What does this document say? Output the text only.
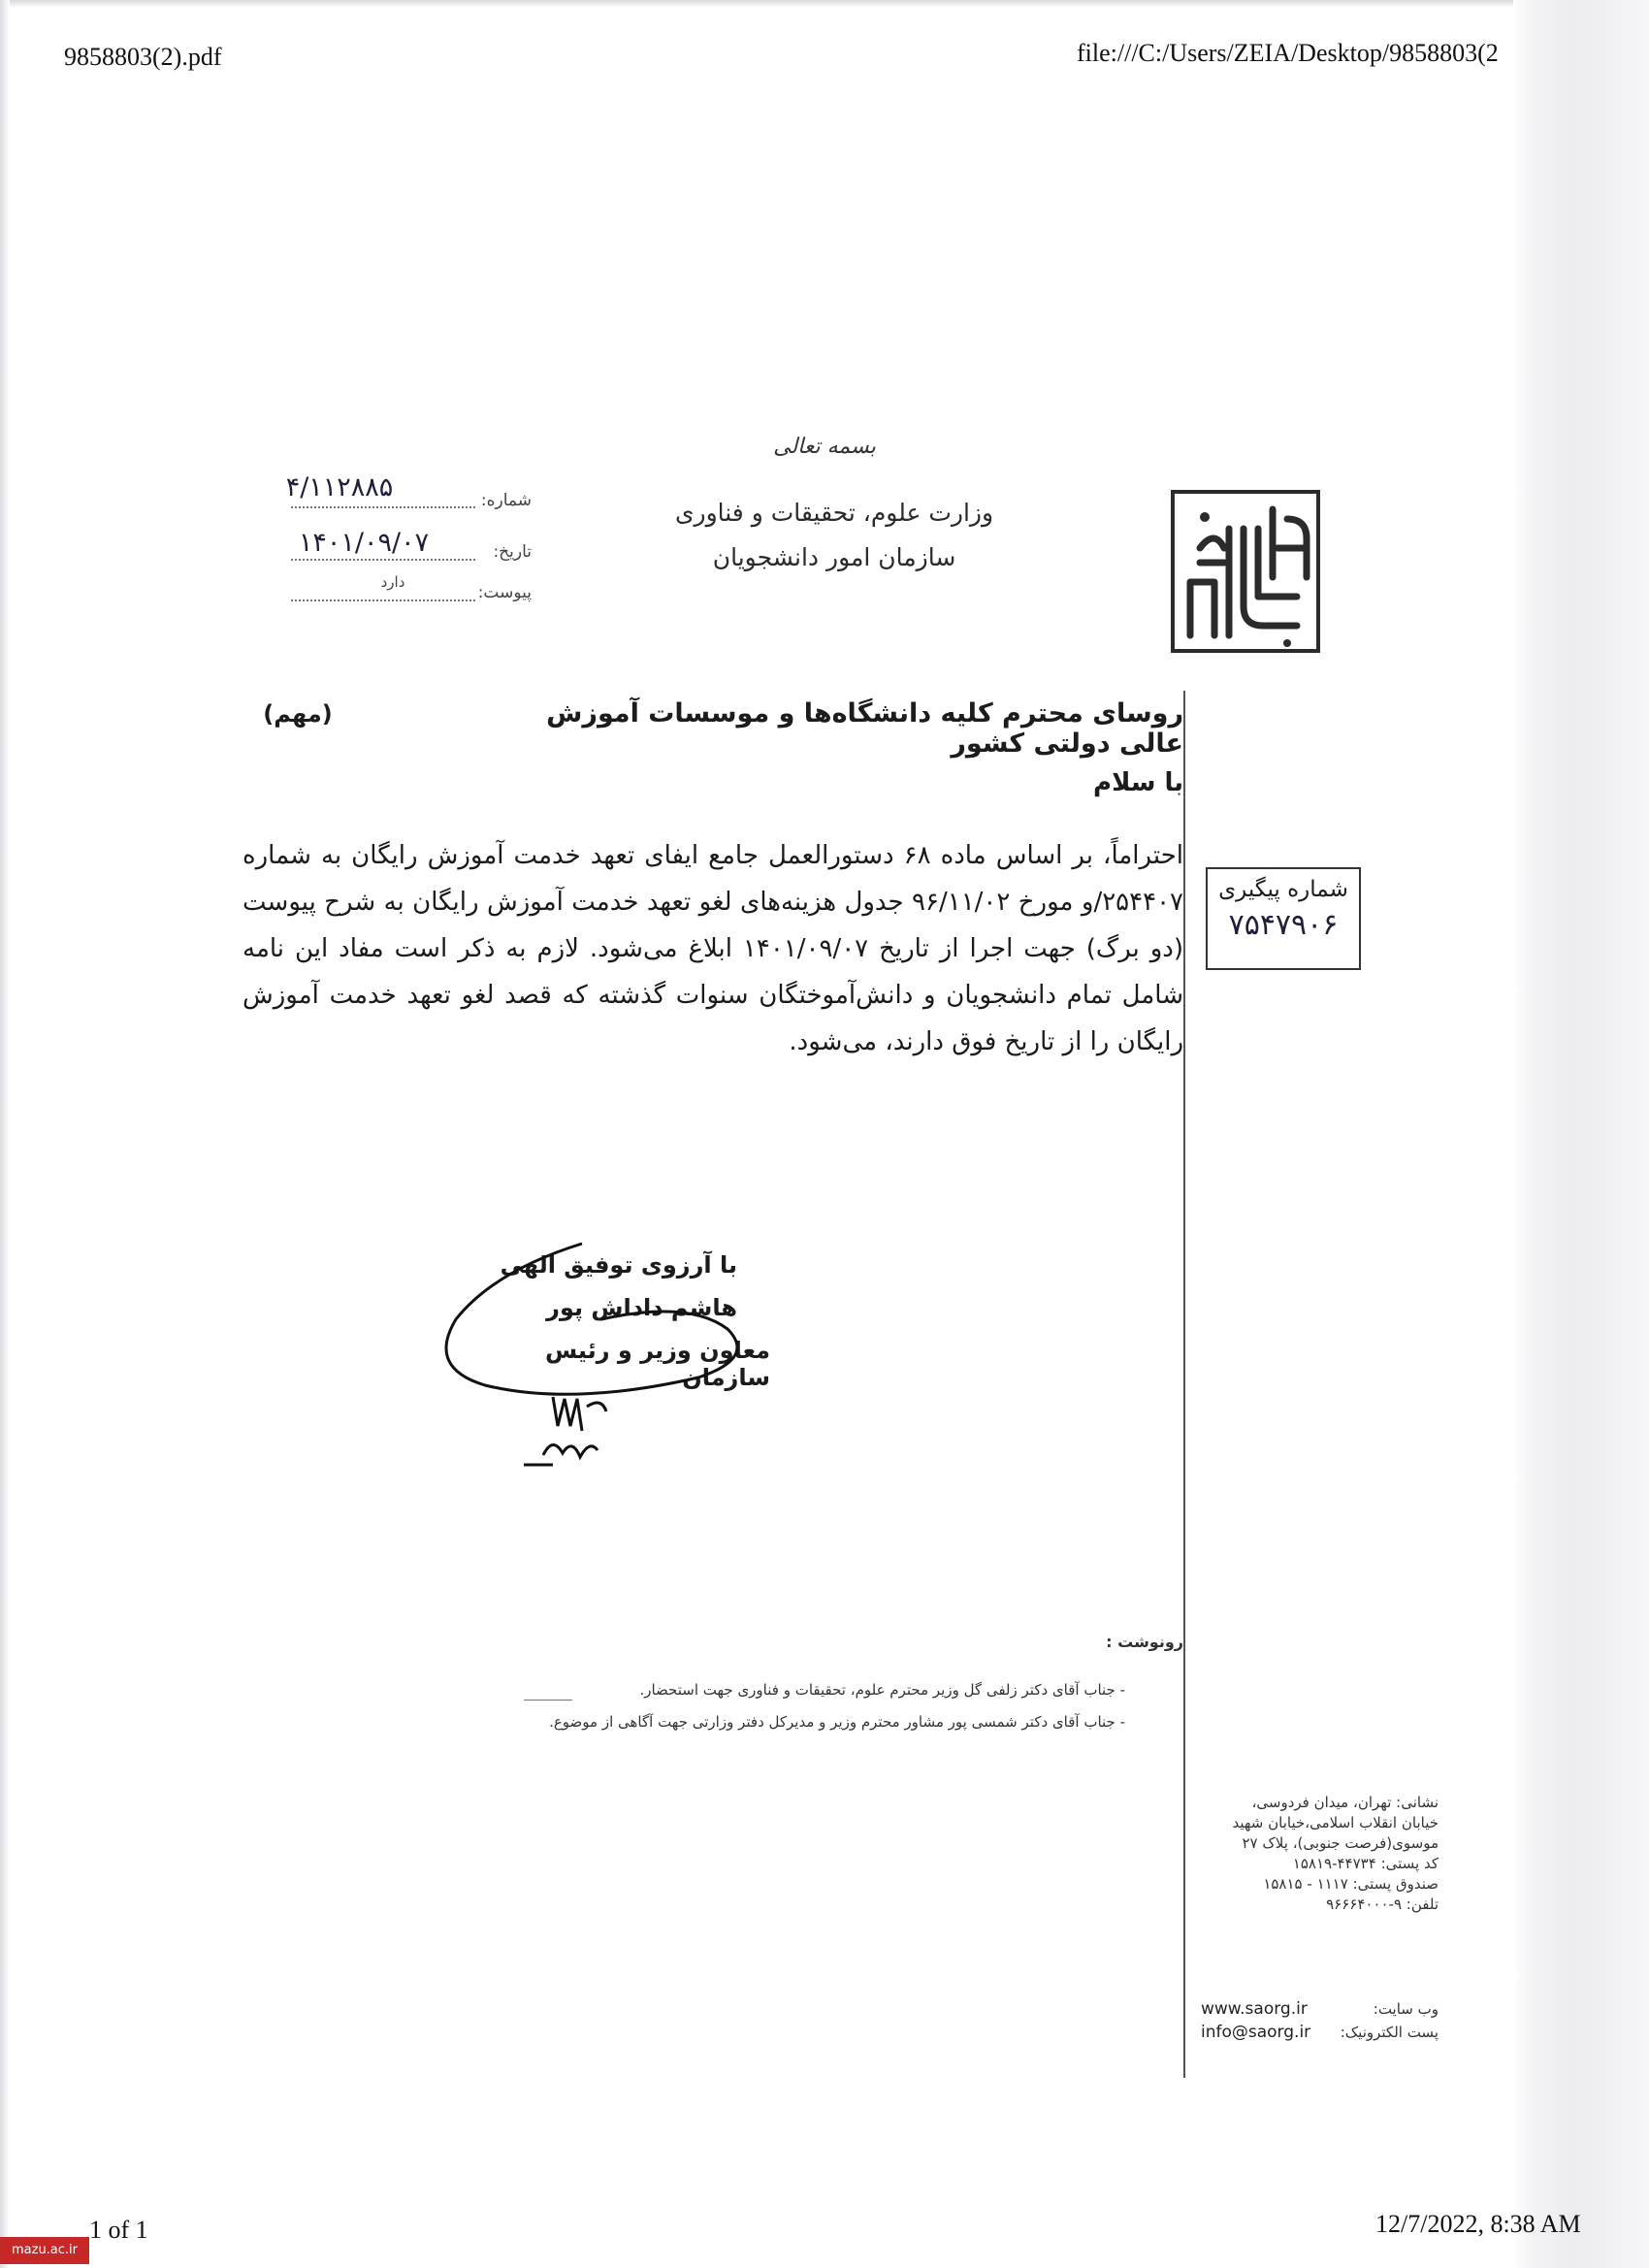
9858803(2).pdf	file:///C:/Users/ZEIA/Desktop/9858803(2
بسمه تعالی
وزارت علوم، تحقیقات و فناوری
سازمان امور دانشجویان
۴/۱۱۲۸۸۵	شماره:
۱۴۰۱/۰۹/۰۷	تاریخ:
دارد
پیوست:
شماره پیگیری
۷۵۴۷۹۰۶
روسای محترم کلیه دانشگاه‌ها و موسسات آموزش عالی دولتی کشور
(مهم)
با سلام
احتراماً، بر اساس ماده ۶۸ دستورالعمل جامع ایفای تعهد خدمت آموزش رایگان به شماره ۲۵۴۴۰۷/و مورخ ۹۶/۱۱/۰۲ جدول هزینه‌های لغو تعهد خدمت آموزش رایگان به شرح پیوست (دو برگ) جهت اجرا از تاریخ ۱۴۰۱/۰۹/۰۷ ابلاغ می‌شود. لازم به ذکر است مفاد این نامه شامل تمام دانشجویان و دانش‌آموختگان سنوات گذشته که قصد لغو تعهد خدمت آموزش رایگان را از تاریخ فوق دارند، می‌شود.
با آرزوی توفیق الهی
هاشم داداش پور
معاون وزیر و رئیس سازمان
رونوشت :
- جناب آقای دکتر زلفی گل وزیر محترم علوم، تحقیقات و فناوری جهت استحضار.
- جناب آقای دکتر شمسی پور مشاور محترم وزیر و مدیرکل دفتر وزارتی جهت آگاهی از موضوع.
نشانی: تهران، میدان فردوسی،
خیابان انقلاب اسلامی،خیابان شهید
موسوی(فرصت جنوبی)، پلاک ۲۷
کد پستی: ۴۴۷۳۴-۱۵۸۱۹
صندوق پستی: ۱۱۱۷ - ۱۵۸۱۵
تلفن: ۹-۹۶۶۶۴۰۰۰
www.saorg.ir	وب سایت:
info@saorg.ir پست الکترونیک:
1 of 1	12/7/2022, 8:38 AM
mazu.ac.ir
